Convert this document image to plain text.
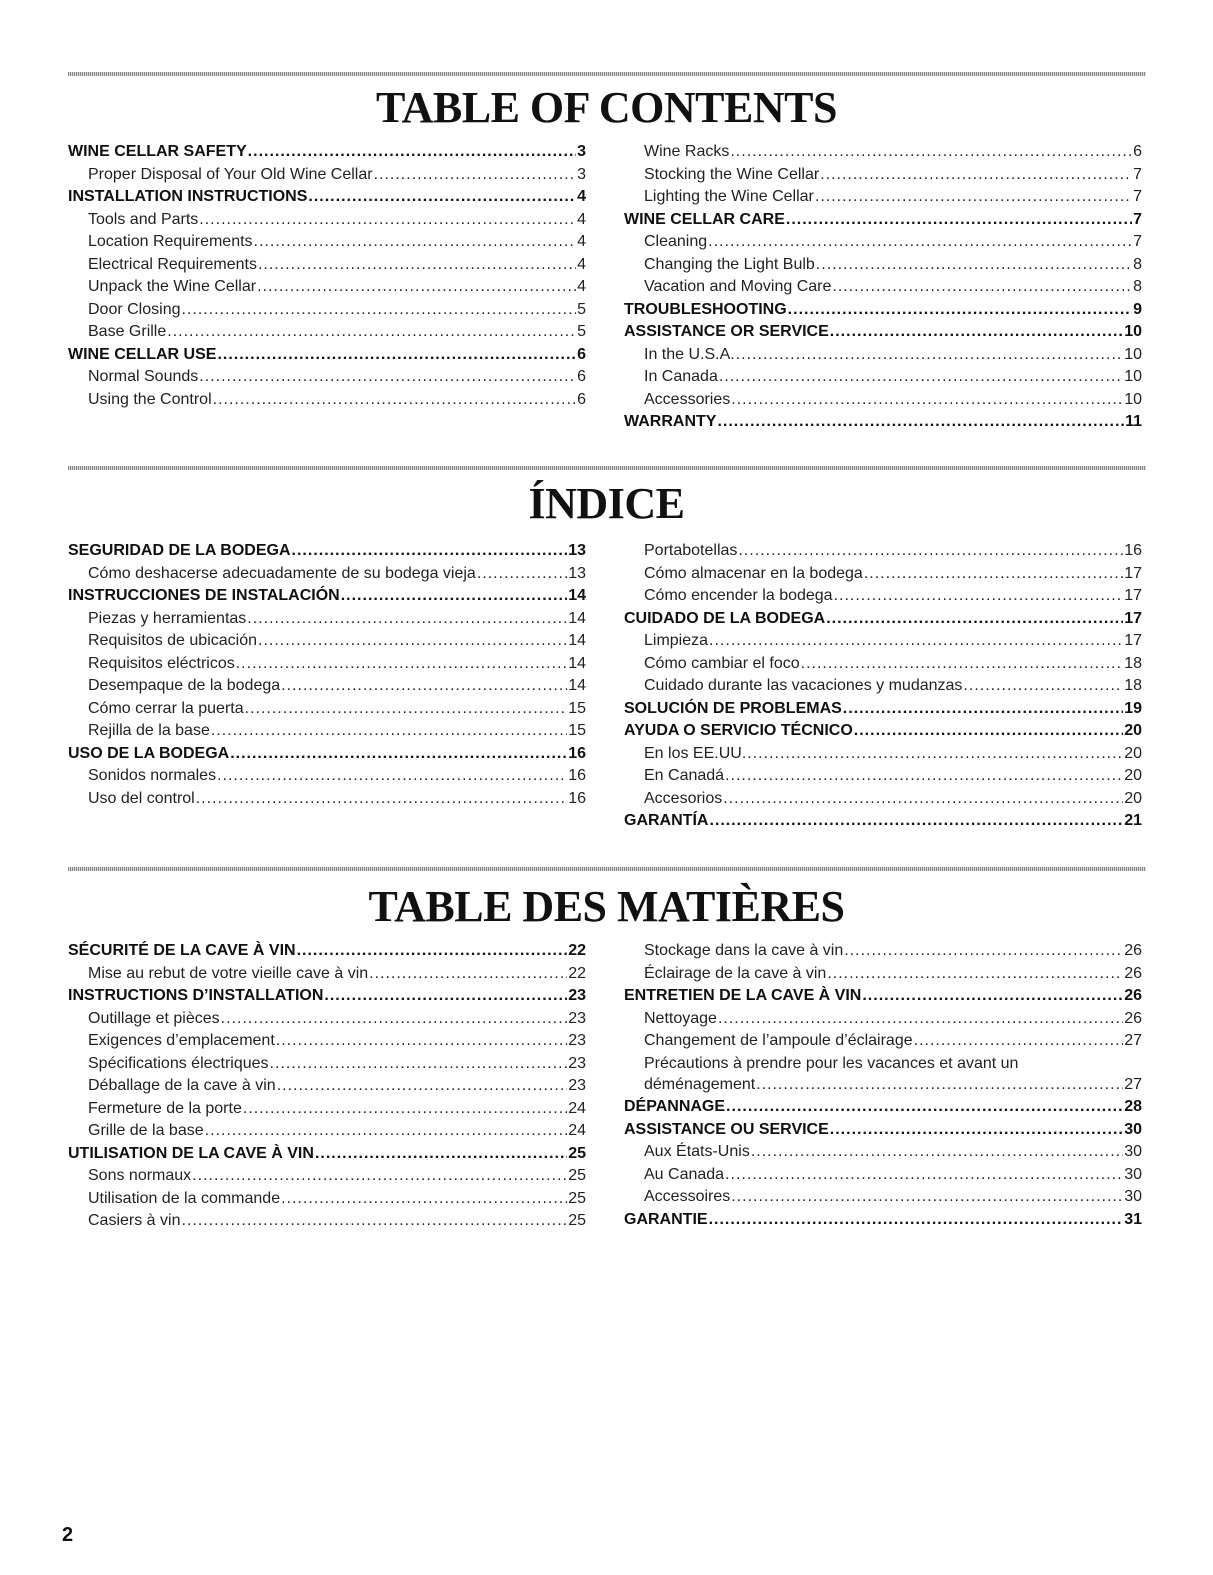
TABLE OF CONTENTS
WINE CELLAR SAFETY .....	3
Proper Disposal of Your Old Wine Cellar .....	3
INSTALLATION INSTRUCTIONS .....	4
Tools and Parts .....	4
Location Requirements .....	4
Electrical Requirements .....	4
Unpack the Wine Cellar .....	4
Door Closing .....	5
Base Grille .....	5
WINE CELLAR USE .....	6
Normal Sounds .....	6
Using the Control .....	6
Wine Racks .....	6
Stocking the Wine Cellar .....	7
Lighting the Wine Cellar .....	7
WINE CELLAR CARE .....	7
Cleaning .....	7
Changing the Light Bulb .....	8
Vacation and Moving Care .....	8
TROUBLESHOOTING .....	9
ASSISTANCE OR SERVICE .....	10
In the U.S.A. .....	10
In Canada .....	10
Accessories .....	10
WARRANTY .....	11
ÍNDICE
SEGURIDAD DE LA BODEGA .....	13
Cómo deshacerse adecuadamente de su bodega vieja .....	13
INSTRUCCIONES DE INSTALACIÓN .....	14
Piezas y herramientas .....	14
Requisitos de ubicación .....	14
Requisitos eléctricos .....	14
Desempaque de la bodega .....	14
Cómo cerrar la puerta .....	15
Rejilla de la base .....	15
USO DE LA BODEGA .....	16
Sonidos normales .....	16
Uso del control .....	16
Portabotellas .....	16
Cómo almacenar en la bodega .....	17
Cómo encender la bodega .....	17
CUIDADO DE LA BODEGA .....	17
Limpieza .....	17
Cómo cambiar el foco .....	18
Cuidado durante las vacaciones y mudanzas .....	18
SOLUCIÓN DE PROBLEMAS .....	19
AYUDA O SERVICIO TÉCNICO .....	20
En los EE.UU. .....	20
En Canadá .....	20
Accesorios .....	20
GARANTÍA .....	21
TABLE DES MATIÈRES
SÉCURITÉ DE LA CAVE À VIN .....	22
Mise au rebut de votre vieille cave à vin .....	22
INSTRUCTIONS D’INSTALLATION .....	23
Outillage et pièces .....	23
Exigences d’emplacement .....	23
Spécifications électriques .....	23
Déballage de la cave à vin .....	23
Fermeture de la porte .....	24
Grille de la base .....	24
UTILISATION DE LA CAVE À VIN .....	25
Sons normaux .....	25
Utilisation de la commande .....	25
Casiers à vin .....	25
Stockage dans la cave à vin .....	26
Éclairage de la cave à vin .....	26
ENTRETIEN DE LA CAVE À VIN .....	26
Nettoyage .....	26
Changement de l’ampoule d’éclairage .....	27
Précautions à prendre pour les vacances et avant un
déménagement .....	27
DÉPANNAGE .....	28
ASSISTANCE OU SERVICE .....	30
Aux États-Unis .....	30
Au Canada .....	30
Accessoires .....	30
GARANTIE .....	31
2
